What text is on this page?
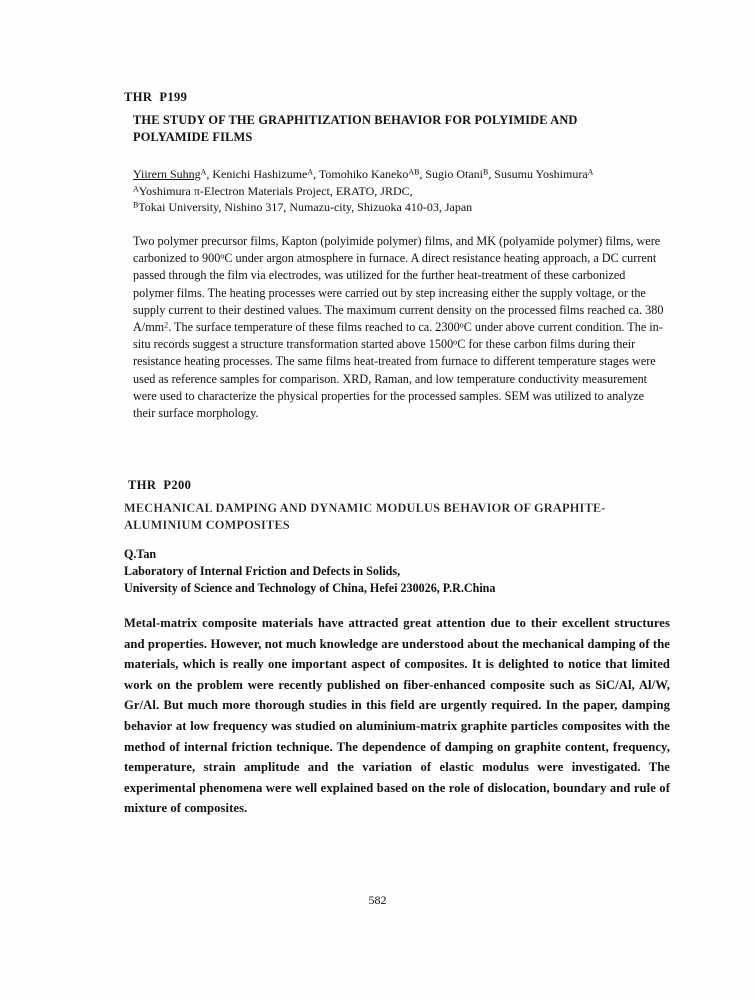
THR  P199
THE STUDY OF THE GRAPHITIZATION BEHAVIOR FOR POLYIMIDE AND POLYAMIDE FILMS
Yiirern Suhng$^A$, Kenichi Hashizume$^A$, Tomohiko Kaneko$^{AB}$, Sugio Otani$^B$, Susumu Yoshimura$^A$
$^A$Yoshimura π-Electron Materials Project, ERATO, JRDC,
$^B$Tokai University, Nishino 317, Numazu-city, Shizuoka 410-03, Japan
Two polymer precursor films, Kapton (polyimide polymer) films, and MK (polyamide polymer) films, were carbonized to 900$^o$C under argon atmosphere in furnace. A direct resistance heating approach, a DC current passed through the film via electrodes, was utilized for the further heat-treatment of these carbonized polymer films. The heating processes were carried out by step increasing either the supply voltage, or the supply current to their destined values. The maximum current density on the processed films reached ca. 380 $A/mm^2$. The surface temperature of these films reached to ca. 2300$^o$C under above current condition. The in-situ records suggest a structure transformation started above 1500$^o$C for these carbon films during their resistance heating processes. The same films heat-treated from furnace to different temperature stages were used as reference samples for comparison. XRD, Raman, and low temperature conductivity measurement were used to characterize the physical properties for the processed samples. SEM was utilized to analyze their surface morphology.
THR  P200
MECHANICAL DAMPING AND DYNAMIC MODULUS BEHAVIOR OF GRAPHITE-ALUMINIUM COMPOSITES
Q.Tan
Laboratory of Internal Friction and Defects in Solids,
University of Science and Technology of China, Hefei 230026, P.R.China
Metal-matrix composite materials have attracted great attention due to their excellent structures and properties. However, not much knowledge are understood about the mechanical damping of the materials, which is really one important aspect of composites. It is delighted to notice that limited work on the problem were recently published on fiber-enhanced composite such as SiC/Al, Al/W, Gr/Al. But much more thorough studies in this field are urgently required. In the paper, damping behavior at low frequency was studied on aluminium-matrix graphite particles composites with the method of internal friction technique. The dependence of damping on graphite content, frequency, temperature, strain amplitude and the variation of elastic modulus were investigated. The experimental phenomena were well explained based on the role of dislocation, boundary and rule of mixture of composites.
582
